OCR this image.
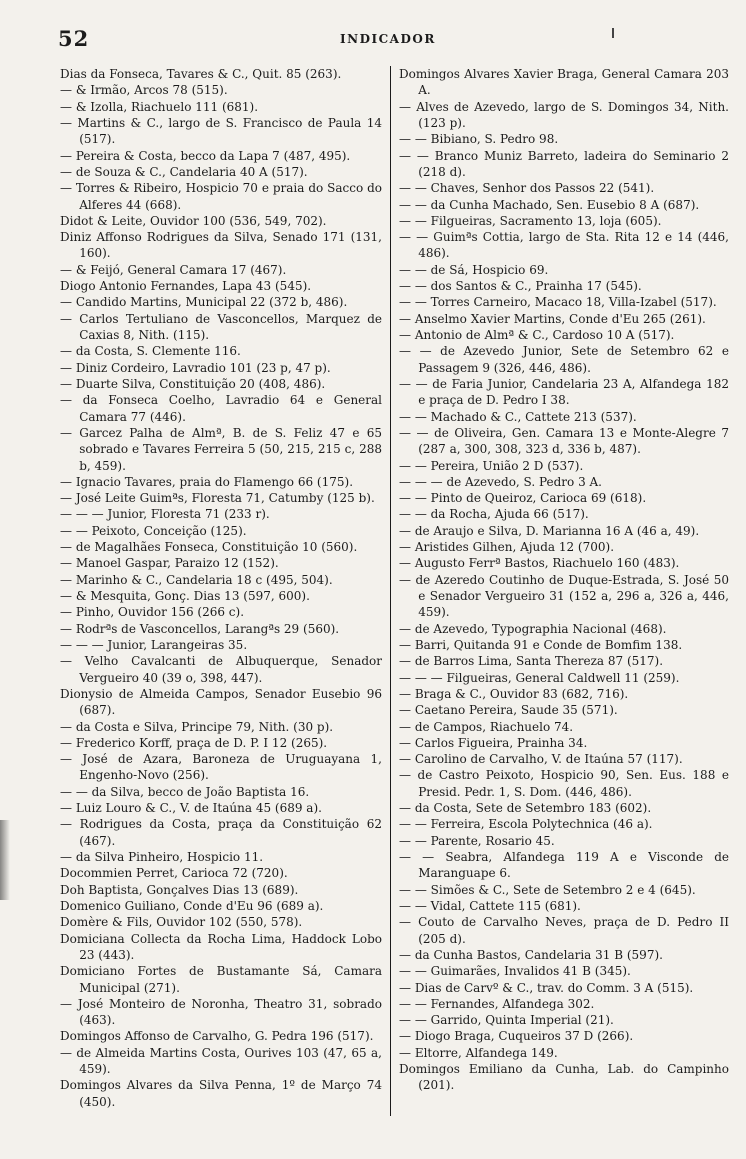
52	INDICADOR

Dias da Fonseca, Tavares & C., Quit. 85 (263).

— & Irmão, Arcos 78 (515).

— & Izolla, Riachuelo 111 (681).

— Martins & C., largo de S. Francisco de Paula 14 (517).

— Pereira & Costa, becco da Lapa 7 (487, 495).

— de Souza & C., Candelaria 40 A (517).

— Torres & Ribeiro, Hospicio 70 e praia do Sacco do Alferes 44 (668).

Didot & Leite, Ouvidor 100 (536, 549, 702).

Diniz Affonso Rodrigues da Silva, Senado 171 (131, 160).

— & Feijó, General Camara 17 (467).

Diogo Antonio Fernandes, Lapa 43 (545).

— Candido Martins, Municipal 22 (372 b, 486).

— Carlos Tertuliano de Vasconcellos, Marquez de Caxias 8, Nith. (115).

— da Costa, S. Clemente 116.

— Diniz Cordeiro, Lavradio 101 (23 p, 47 p).

— Duarte Silva, Constituição 20 (408, 486).

— da Fonseca Coelho, Lavradio 64 e General Camara 77 (446).

— Garcez Palha de Almª, B. de S. Feliz 47 e 65 sobrado e Tavares Ferreira 5 (50, 215, 215 c, 288 b, 459).

— Ignacio Tavares, praia do Flamengo 66 (175).

— José Leite Guimªs, Floresta 71, Catumby (125 b).

— — — Junior, Floresta 71 (233 r).

— — Peixoto, Conceição (125).

— de Magalhães Fonseca, Constituição 10 (560).

— Manoel Gaspar, Paraizo 12 (152).

— Marinho & C., Candelaria 18 c (495, 504).

— & Mesquita, Gonç. Dias 13 (597, 600).

— Pinho, Ouvidor 156 (266 c).

— Rodrªs de Vasconcellos, Larangªs 29 (560).

— — — Junior, Larangeiras 35.

— Velho Cavalcanti de Albuquerque, Senador Vergueiro 40 (39 o, 398, 447).

Dionysio de Almeida Campos, Senador Eusebio 96 (687).

— da Costa e Silva, Principe 79, Nith. (30 p).

— Frederico Korff, praça de D. P. I 12 (265).

— José de Azara, Baroneza de Uruguayana 1, Engenho-Novo (256).

— — da Silva, becco de João Baptista 16.

— Luiz Louro & C., V. de Itaúna 45 (689 a).

— Rodrigues da Costa, praça da Constituição 62 (467).

— da Silva Pinheiro, Hospicio 11.

Docommien Perret, Carioca 72 (720).

Doh Baptista, Gonçalves Dias 13 (689).

Domenico Guiliano, Conde d'Eu 96 (689 a).

Domère & Fils, Ouvidor 102 (550, 578).

Domiciana Collecta da Rocha Lima, Haddock Lobo 23 (443).

Domiciano Fortes de Bustamante Sá, Camara Municipal (271).

— José Monteiro de Noronha, Theatro 31, sobrado (463).

Domingos Affonso de Carvalho, G. Pedra 196 (517).

— de Almeida Martins Costa, Ourives 103 (47, 65 a, 459).

Domingos Alvares da Silva Penna, 1º de Março 74 (450).

Domingos Alvares Xavier Braga, General Camara 203 A.

— Alves de Azevedo, largo de S. Domingos 34, Nith. (123 p).

— — Bibiano, S. Pedro 98.

— — Branco Muniz Barreto, ladeira do Seminario 2 (218 d).

— — Chaves, Senhor dos Passos 22 (541).

— — da Cunha Machado, Sen. Eusebio 8 A (687).

— — Filgueiras, Sacramento 13, loja (605).

— — Guimªs Cottia, largo de Sta. Rita 12 e 14 (446, 486).

— — de Sá, Hospicio 69.

— — dos Santos & C., Prainha 17 (545).

— — Torres Carneiro, Macaco 18, Villa-Izabel (517).

— Anselmo Xavier Martins, Conde d'Eu 265 (261).

— Antonio de Almª & C., Cardoso 10 A (517).

— — de Azevedo Junior, Sete de Setembro 62 e Passagem 9 (326, 446, 486).

— — de Faria Junior, Candelaria 23 A, Alfandega 182 e praça de D. Pedro I 38.

— — Machado & C., Cattete 213 (537).

— — de Oliveira, Gen. Camara 13 e Monte-Alegre 7 (287 a, 300, 308, 323 d, 336 b, 487).

— — Pereira, União 2 D (537).

— — — de Azevedo, S. Pedro 3 A.

— — Pinto de Queiroz, Carioca 69 (618).

— — da Rocha, Ajuda 66 (517).

— de Araujo e Silva, D. Marianna 16 A (46 a, 49).

— Aristides Gilhen, Ajuda 12 (700).

— Augusto Ferrª Bastos, Riachuelo 160 (483).

— de Azeredo Coutinho de Duque-Estrada, S. José 50 e Senador Vergueiro 31 (152 a, 296 a, 326 a, 446, 459).

— de Azevedo, Typographia Nacional (468).

— Barri, Quitanda 91 e Conde de Bomfim 138.

— de Barros Lima, Santa Thereza 87 (517).

— — — Filgueiras, General Caldwell 11 (259).

— Braga & C., Ouvidor 83 (682, 716).

— Caetano Pereira, Saude 35 (571).

— de Campos, Riachuelo 74.

— Carlos Figueira, Prainha 34.

— Carolino de Carvalho, V. de Itaúna 57 (117).

— de Castro Peixoto, Hospicio 90, Sen. Eus. 188 e Presid. Pedr. 1, S. Dom. (446, 486).

— da Costa, Sete de Setembro 183 (602).

— — Ferreira, Escola Polytechnica (46 a).

— — Parente, Rosario 45.

— — Seabra, Alfandega 119 A e Visconde de Maranguape 6.

— — Simões & C., Sete de Setembro 2 e 4 (645).

— — Vidal, Cattete 115 (681).

— Couto de Carvalho Neves, praça de D. Pedro II (205 d).

— da Cunha Bastos, Candelaria 31 B (597).

— — Guimarães, Invalidos 41 B (345).

— Dias de Carvº & C., trav. do Comm. 3 A (515).

— — Fernandes, Alfandega 302.

— — Garrido, Quinta Imperial (21).

— Diogo Braga, Cuqueiros 37 D (266).

— Eltorre, Alfandega 149.

Domingos Emiliano da Cunha, Lab. do Campinho (201).
